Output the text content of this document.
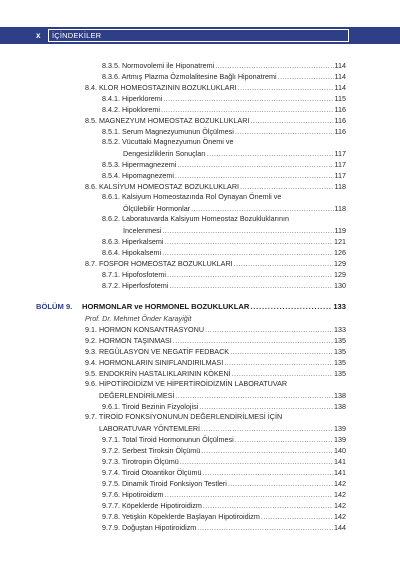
x İÇİNDEKİLER
8.3.5. Normovolemi ile Hiponatremi .....	114
8.3.6. Artmış Plazma Özmolalitesine Bağlı Hiponatremi .....	114
8.4. KLOR HOMEOSTAZININ BOZUKLUKLARI .....	114
8.4.1. Hiperkloremi .....	115
8.4.2. Hipokloremi .....	116
8.5. MAGNEZYUM HOMEOSTAZ BOZUKLUKLARI .....	116
8.5.1. Serum Magnezyumunun Ölçülmesi .....	116
8.5.2. Vücuttaki Magnezyumun Önemi ve
Dengesizliklerin Sonuçları .....	117
8.5.3. Hipermagnezemi .....	117
8.5.4. Hipomagnezemi .....	117
8.6. KALSİYUM HOMEOSTAZ BOZUKLUKLARI .....	118
8.6.1. Kalsiyum Homeostazında Rol Oynayan Önemli ve
Ölçülebilir Hormonlar .....	118
8.6.2. Laboratuvarda Kalsiyum Homeostaz Bozukluklarının
İncelenmesi .....	119
8.6.3. Hiperkalsemi .....	121
8.6.4. Hipokalsemi .....	126
8.7. FOSFOR HOMEOSTAZ BOZUKLUKLARI .....	129
8.7.1. Hipofosfotemi .....	129
8.7.2. Hiperfosfotemi .....	130
BÖLÜM 9.	HORMONLAR ve HORMONEL BOZUKLUKLAR .....	133
Prof. Dr. Mehmet Önder Karayiğit
9.1. HORMON KONSANTRASYONU .....	133
9.2. HORMON TAŞINMASI .....	135
9.3. REGÜLASYON VE NEGATİF FEDBACK .....	135
9.4. HORMONLARIN SINIFLANDIRILMASI .....	135
9.5. ENDOKRİN HASTALIKLARININ KÖKENİ .....	135
9.6. HİPOTİROİDİZM VE HİPERTİROİDİZMİN LABORATUVAR
DEĞERLENDİRİLMESİ .....	138
9.6.1. Tiroid Bezinin Fizyolojisi .....	138
9.7. TİROİD FONKSİYONUNUN DEĞERLENDİRİLMESİ İÇİN
LABORATUVAR YÖNTEMLERİ .....	139
9.7.1. Total Tiroid Hormonunun Ölçülmesi .....	139
9.7.2. Serbest Tiroksin Ölçümü .....	140
9.7.3. Tirotropin Ölçümü .....	141
9.7.4. Tiroid Otoantikor Ölçümü .....	141
9.7.5. Dinamik Tiroid Fonksiyon Testleri .....	142
9.7.6. Hipotiroidizm .....	142
9.7.7. Köpeklerde Hipotiroidizm .....	142
9.7.8. Yetişkin Köpeklerde Başlayan Hipotiroidizm .....	142
9.7.9. Doğuştan Hipotiroidizm .....	144
